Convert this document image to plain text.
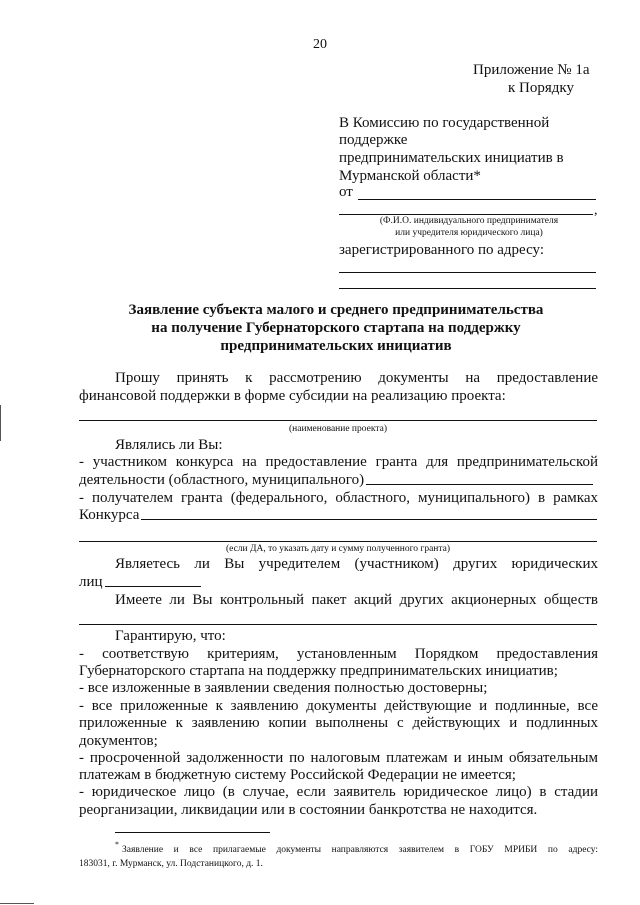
20
Приложение № 1а
к Порядку
В Комиссию по государственной
поддержке
предпринимательских инициатив в
Мурманской области*
от
,
(Ф.И.О. индивидуального предпринимателя
или учредителя юридического лица)
зарегистрированного по адресу:
Заявление субъекта малого и среднего предпринимательства
на получение Губернаторского стартапа на поддержку
предпринимательских инициатив
Прошу принять к рассмотрению документы на предоставление
финансовой поддержки в форме субсидии на реализацию проекта:
(наименование проекта)
Являлись ли Вы:
- участником конкурса на предоставление гранта для предпринимательской
деятельности (областного, муниципального)
- получателем гранта (федерального, областного, муниципального) в рамках
Конкурса
(если ДА, то указать дату и сумму полученного гранта)
Являетесь ли Вы учредителем (участником) других юридических
лиц
Имеете ли Вы контрольный пакет акций других акционерных обществ
Гарантирую, что:
- соответствую критериям, установленным Порядком предоставления
Губернаторского стартапа на поддержку предпринимательских инициатив;
- все изложенные в заявлении сведения полностью достоверны;
- все приложенные к заявлению документы действующие и подлинные, все
приложенные к заявлению копии выполнены с действующих и подлинных
документов;
- просроченной задолженности по налоговым платежам и иным обязательным
платежам в бюджетную систему Российской Федерации не имеется;
- юридическое лицо (в случае, если заявитель юридическое лицо) в стадии
реорганизации, ликвидации или в состоянии банкротства не находится.
*
Заявление и все прилагаемые документы направляются заявителем в ГОБУ МРИБИ по адресу:
183031, г. Мурманск, ул. Подстаницкого, д. 1.
